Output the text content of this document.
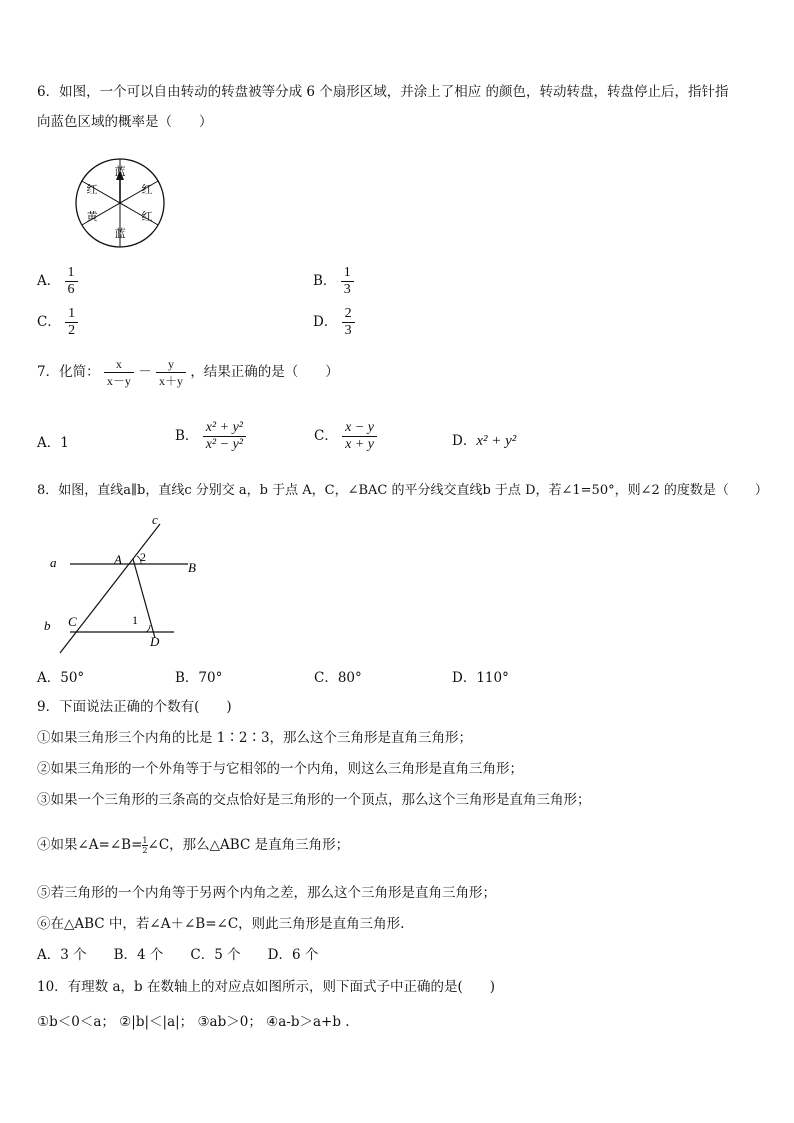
6．如图，一个可以自由转动的转盘被等分成 6 个扇形区域，并涂上了相应 的颜色，转动转盘，转盘停止后，指针指
向蓝色区域的概率是（　　）
蓝
红	红
黄	红
蓝
A． $\frac{1}{6}$	B． $\frac{1}{3}$
C． $\frac{1}{2}$	D． $\frac{2}{3}$
7．化简： $\frac{x}{x-y} - \frac{y}{x+y}$ ，结果正确的是（　　）
A．1	B． $\frac{\text{x² + y²}}{\text{x² − y²}}$	C． $\frac{x - y}{x + y}$	D．x² + y²
8．如图，直线a∥b，直线c 分别交 a，b 于点 A，C，∠BAC 的平分线交直线b 于点 D，若∠1=50°，则∠2 的度数是（　　）
c
a	A
B
b C
D
2
1
A．50°	B．70°	C．80°	D．110°
9．下面说法正确的个数有(　　)
①如果三角形三个内角的比是 1∶2∶3，那么这个三角形是直角三角形；
②如果三角形的一个外角等于与它相邻的一个内角，则这么三角形是直角三角形；
③如果一个三角形的三条高的交点恰好是三角形的一个顶点，那么这个三角形是直角三角形；
④如果∠A=∠B= $\frac{1}{2}$ ∠C，那么△ABC 是直角三角形；
⑤若三角形的一个内角等于另两个内角之差，那么这个三角形是直角三角形；
⑥在△ABC 中，若∠A＋∠B=∠C，则此三角形是直角三角形.
A．3 个　　B．4 个　　C．5 个　　D．6 个
10．有理数 a，b 在数轴上的对应点如图所示，则下面式子中正确的是(　　)
①b＜0＜a； ②|b|＜|a|； ③ab＞0； ④a-b＞a+b .
